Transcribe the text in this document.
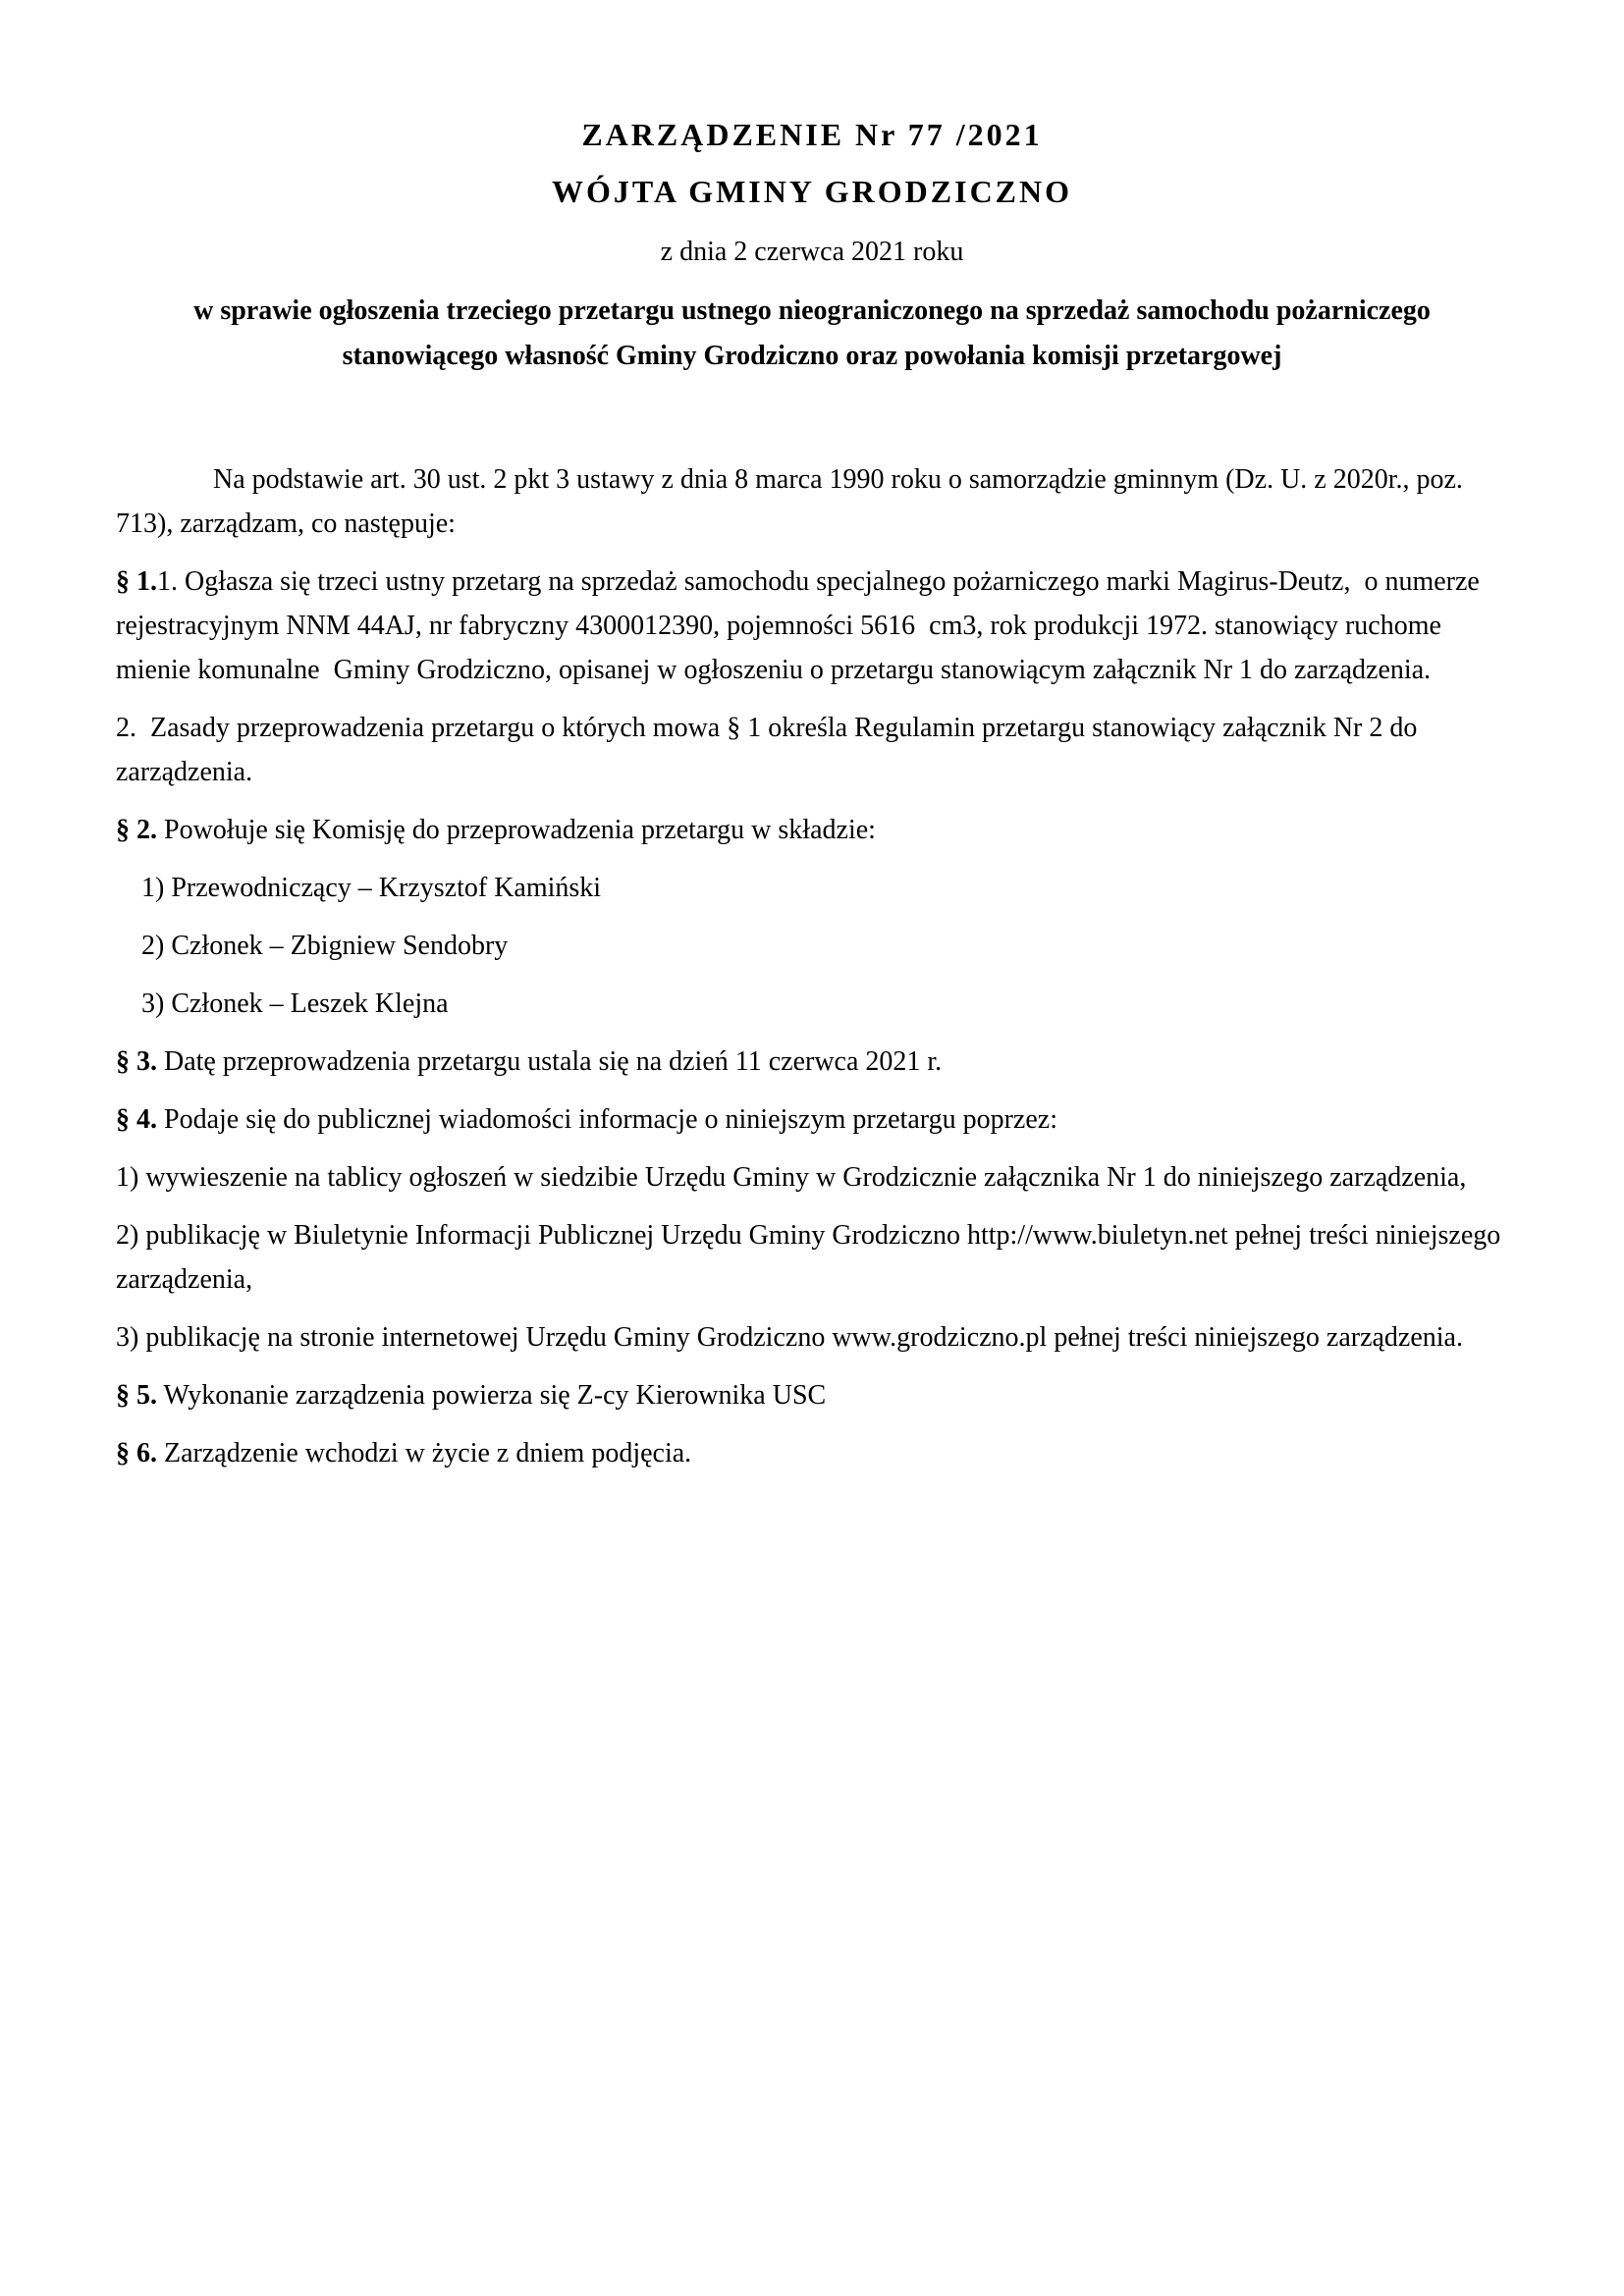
ZARZĄDZENIE Nr 77 /2021
WÓJTA GMINY GRODZICZNO

z dnia 2 czerwca 2021 roku

w sprawie ogłoszenia trzeciego przetargu ustnego nieograniczonego na sprzedaż samochodu pożarniczego stanowiącego własność Gminy Grodziczno oraz powołania komisji przetargowej

Na podstawie art. 30 ust. 2 pkt 3 ustawy z dnia 8 marca 1990 roku o samorządzie gminnym (Dz. U. z 2020r., poz. 713), zarządzam, co następuje:

§ 1.1. Ogłasza się trzeci ustny przetarg na sprzedaż samochodu specjalnego pożarniczego marki Magirus-Deutz,  o numerze rejestracyjnym NNM 44AJ, nr fabryczny 4300012390, pojemności 5616  cm3, rok produkcji 1972. stanowiący ruchome mienie komunalne  Gminy Grodziczno, opisanej w ogłoszeniu o przetargu stanowiącym załącznik Nr 1 do zarządzenia.

2.  Zasady przeprowadzenia przetargu o których mowa § 1 określa Regulamin przetargu stanowiący załącznik Nr 2 do zarządzenia.

§ 2. Powołuje się Komisję do przeprowadzenia przetargu w składzie:

1) Przewodniczący – Krzysztof Kamiński

2) Członek – Zbigniew Sendobry

3) Członek – Leszek Klejna

§ 3. Datę przeprowadzenia przetargu ustala się na dzień 11 czerwca 2021 r.

§ 4. Podaje się do publicznej wiadomości informacje o niniejszym przetargu poprzez:

1) wywieszenie na tablicy ogłoszeń w siedzibie Urzędu Gminy w Grodzicznie załącznika Nr 1 do niniejszego zarządzenia,

2) publikację w Biuletynie Informacji Publicznej Urzędu Gminy Grodziczno http://www.biuletyn.net pełnej treści niniejszego zarządzenia,

3) publikację na stronie internetowej Urzędu Gminy Grodziczno www.grodziczno.pl pełnej treści niniejszego zarządzenia.

§ 5. Wykonanie zarządzenia powierza się Z-cy Kierownika USC

§ 6. Zarządzenie wchodzi w życie z dniem podjęcia.
